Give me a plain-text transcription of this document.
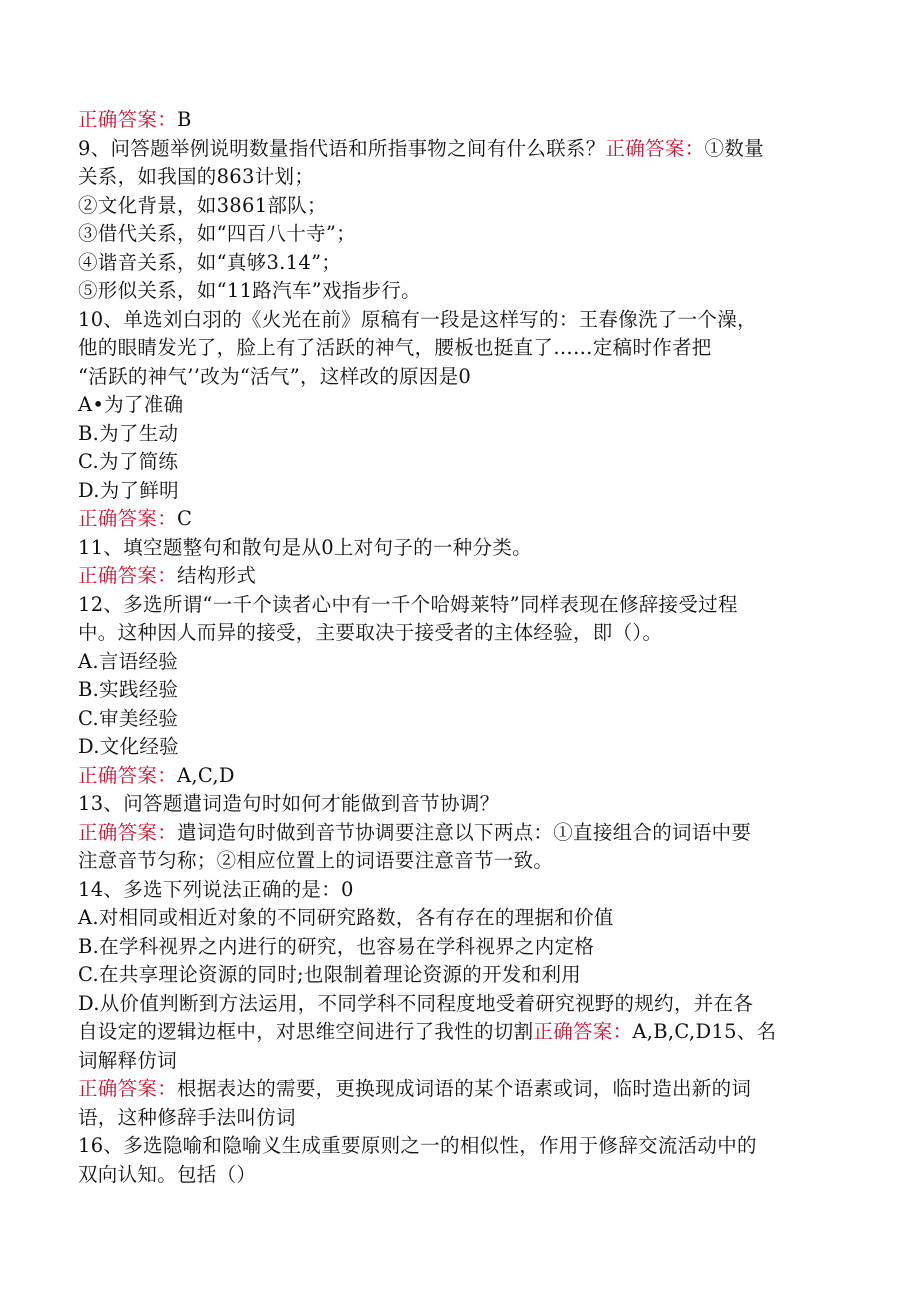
正确答案：B
9、问答题举例说明数量指代语和所指事物之间有什么联系？正确答案：①数量
关系，如我国的863计划；
②文化背景，如3861部队；
③借代关系，如“四百八十寺”；
④谐音关系，如“真够3.14”；
⑤形似关系，如“11路汽车”戏指步行。
10、单选刘白羽的《火光在前》原稿有一段是这样写的：王春像洗了一个澡，
他的眼睛发光了，脸上有了活跃的神气，腰板也挺直了……定稿时作者把
“活跃的神气’’改为“活气”，这样改的原因是0
A•为了准确
B.为了生动
C.为了简练
D.为了鲜明
正确答案：C
11、填空题整句和散句是从0上对句子的一种分类。
正确答案：结构形式
12、多选所谓“一千个读者心中有一千个哈姆莱特”同样表现在修辞接受过程
中。这种因人而异的接受，主要取决于接受者的主体经验，即（）。
A.言语经验
B.实践经验
C.审美经验
D.文化经验
正确答案：A,C,D
13、问答题遣词造句时如何才能做到音节协调？
正确答案：遣词造句时做到音节协调要注意以下两点：①直接组合的词语中要
注意音节匀称；②相应位置上的词语要注意音节一致。
14、多选下列说法正确的是：0
A.对相同或相近对象的不同研究路数，各有存在的理据和价值
B.在学科视界之内进行的研究，也容易在学科视界之内定格
C.在共享理论资源的同时;也限制着理论资源的开发和利用
D.从价值判断到方法运用，不同学科不同程度地受着研究视野的规约，并在各
自设定的逻辑边框中，对思维空间进行了我性的切割正确答案：A,B,C,D15、名
词解释仿词
正确答案：根据表达的需要，更换现成词语的某个语素或词，临时造出新的词
语，这种修辞手法叫仿词
16、多选隐喻和隐喻义生成重要原则之一的相似性，作用于修辞交流活动中的
双向认知。包括（）
